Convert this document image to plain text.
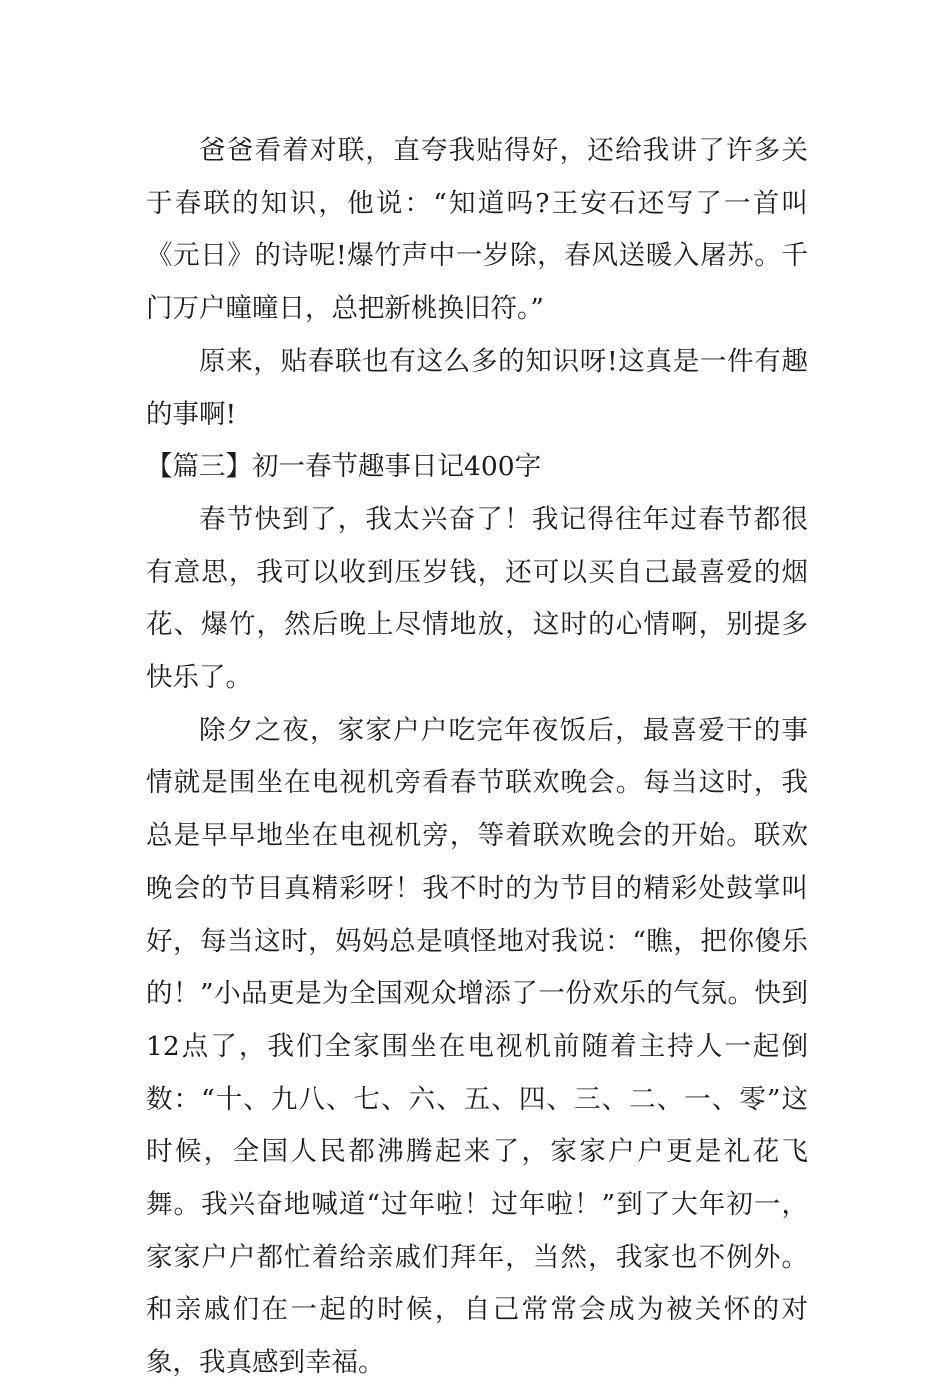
爸爸看着对联，直夸我贴得好，还给我讲了许多关于春联的知识，他说：“知道吗?王安石还写了一首叫《元日》的诗呢!爆竹声中一岁除，春风送暖入屠苏。千门万户曈曈日，总把新桃换旧符。”

原来，贴春联也有这么多的知识呀!这真是一件有趣的事啊!

【篇三】初一春节趣事日记400字

春节快到了，我太兴奋了！我记得往年过春节都很有意思，我可以收到压岁钱，还可以买自己最喜爱的烟花、爆竹，然后晚上尽情地放，这时的心情啊，别提多快乐了。

除夕之夜，家家户户吃完年夜饭后，最喜爱干的事情就是围坐在电视机旁看春节联欢晚会。每当这时，我总是早早地坐在电视机旁，等着联欢晚会的开始。联欢晚会的节目真精彩呀！我不时的为节目的精彩处鼓掌叫好，每当这时，妈妈总是嗔怪地对我说：“瞧，把你傻乐的！”小品更是为全国观众增添了一份欢乐的气氛。快到12点了，我们全家围坐在电视机前随着主持人一起倒数：“十、九八、七、六、五、四、三、二、一、零”这时候，全国人民都沸腾起来了，家家户户更是礼花飞舞。我兴奋地喊道“过年啦！过年啦！”到了大年初一，家家户户都忙着给亲戚们拜年，当然，我家也不例外。和亲戚们在一起的时候，自己常常会成为被关怀的对象，我真感到幸福。
